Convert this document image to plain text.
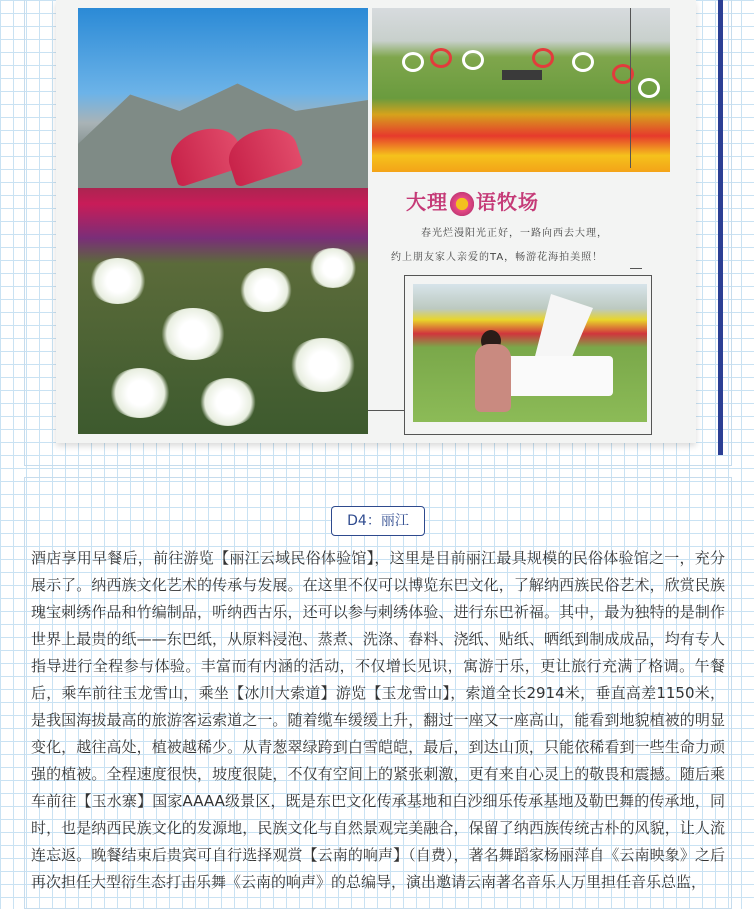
大理 语牧场
春光烂漫阳光正好，一路向西去大理，
约上朋友家人亲爱的TA，畅游花海拍美照！
D4：丽江

酒店享用早餐后，前往游览【丽江云域民俗体验馆】，这里是目前丽江最具规模的民俗体验馆之一，充分展示了。纳西族文化艺术的传承与发展。在这里不仅可以博览东巴文化，了解纳西族民俗艺术，欣赏民族瑰宝刺绣作品和竹编制品，听纳西古乐，还可以参与刺绣体验、进行东巴祈福。其中，最为独特的是制作世界上最贵的纸——东巴纸，从原料浸泡、蒸煮、洗涤、舂料、浇纸、贴纸、晒纸到制成成品，均有专人指导进行全程参与体验。丰富而有内涵的活动，不仅增长见识，寓游于乐，更让旅行充满了格调。午餐后，乘车前往玉龙雪山，乘坐【冰川大索道】游览【玉龙雪山】，索道全长2914米，垂直高差1150米，是我国海拔最高的旅游客运索道之一。随着缆车缓缓上升，翻过一座又一座高山，能看到地貌植被的明显变化，越往高处，植被越稀少。从青葱翠绿跨到白雪皑皑，最后，到达山顶，只能依稀看到一些生命力顽强的植被。全程速度很快，坡度很陡，不仅有空间上的紧张刺激，更有来自心灵上的敬畏和震撼。随后乘车前往【玉水寨】国家AAAA级景区，既是东巴文化传承基地和白沙细乐传承基地及勒巴舞的传承地，同时，也是纳西民族文化的发源地，民族文化与自然景观完美融合，保留了纳西族传统古朴的风貌，让人流连忘返。晚餐结束后贵宾可自行选择观赏【云南的响声】（自费），著名舞蹈家杨丽萍自《云南映象》之后再次担任大型衍生态打击乐舞《云南的响声》的总编导，演出邀请云南著名音乐人万里担任音乐总监，
